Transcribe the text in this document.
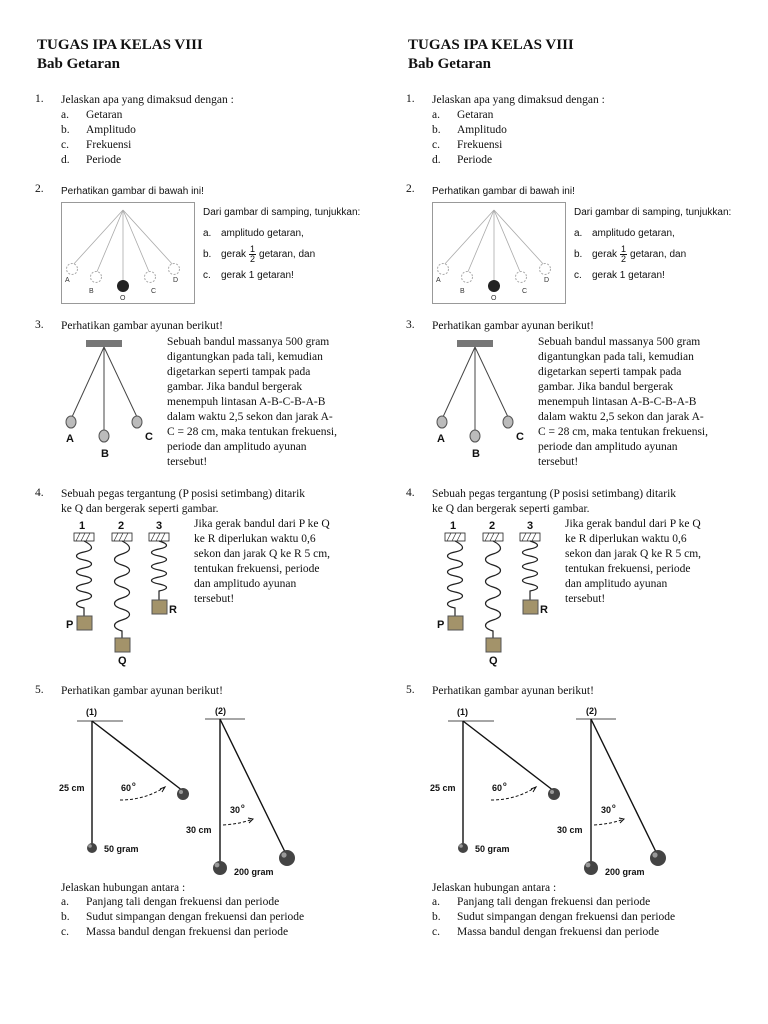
TUGAS IPA KELAS VIII
Bab Getaran
1. Jelaskan apa yang dimaksud dengan :
a.	Getaran
b.	Amplitudo
c.	Frekuensi
d.	Periode
2. Perhatikan gambar di bawah ini!
A
B
O
C
D
Dari gambar di samping, tunjukkan:
a. amplitudo getaran,
b. gerak $\frac{1}{2}$ getaran, dan
c.	gerak 1 getaran!
3. Perhatikan gambar ayunan berikut!
A
B
C
Sebuah bandul massanya 500 gram
digantungkan pada tali, kemudian
digetarkan seperti tampak pada
gambar. Jika bandul bergerak
menempuh lintasan A-B-C-B-A-B
dalam waktu 2,5 sekon dan jarak A-
C = 28 cm, maka tentukan frekuensi,
periode dan amplitudo ayunan
tersebut!
4. Sebuah pegas tergantung (P posisi setimbang) ditarik
ke Q dan bergerak seperti gambar.
1	2	3
P
Q
R
Jika gerak bandul dari P ke Q
ke R diperlukan waktu 0,6
sekon dan jarak Q ke R 5 cm,
tentukan frekuensi, periode
dan amplitudo ayunan
tersebut!
5. Perhatikan gambar ayunan berikut!
(1)	(2)
25 cm	60 o
50 gram
30 cm
30 o
200 gram
Jelaskan hubungan antara :
a.	Panjang tali dengan frekuensi dan periode
b.	Sudut simpangan dengan frekuensi dan periode
c.	Massa bandul dengan frekuensi dan periode
TUGAS IPA KELAS VIII
Bab Getaran
1. Jelaskan apa yang dimaksud dengan :
a.	Getaran
b.	Amplitudo
c.	Frekuensi
d.	Periode
2. Perhatikan gambar di bawah ini!
A
B
O
C
D
Dari gambar di samping, tunjukkan:
a. amplitudo getaran,
b. gerak $\frac{1}{2}$ getaran, dan
c.	gerak 1 getaran!
3. Perhatikan gambar ayunan berikut!
A
B
C
Sebuah bandul massanya 500 gram
digantungkan pada tali, kemudian
digetarkan seperti tampak pada
gambar. Jika bandul bergerak
menempuh lintasan A-B-C-B-A-B
dalam waktu 2,5 sekon dan jarak A-
C = 28 cm, maka tentukan frekuensi,
periode dan amplitudo ayunan
tersebut!
4. Sebuah pegas tergantung (P posisi setimbang) ditarik
ke Q dan bergerak seperti gambar.
1	2	3
P
Q
R
Jika gerak bandul dari P ke Q
ke R diperlukan waktu 0,6
sekon dan jarak Q ke R 5 cm,
tentukan frekuensi, periode
dan amplitudo ayunan
tersebut!
5. Perhatikan gambar ayunan berikut!
(1)	(2)
25 cm	60 o
50 gram
30 cm
30 o
200 gram
Jelaskan hubungan antara :
a.	Panjang tali dengan frekuensi dan periode
b.	Sudut simpangan dengan frekuensi dan periode
c.	Massa bandul dengan frekuensi dan periode
